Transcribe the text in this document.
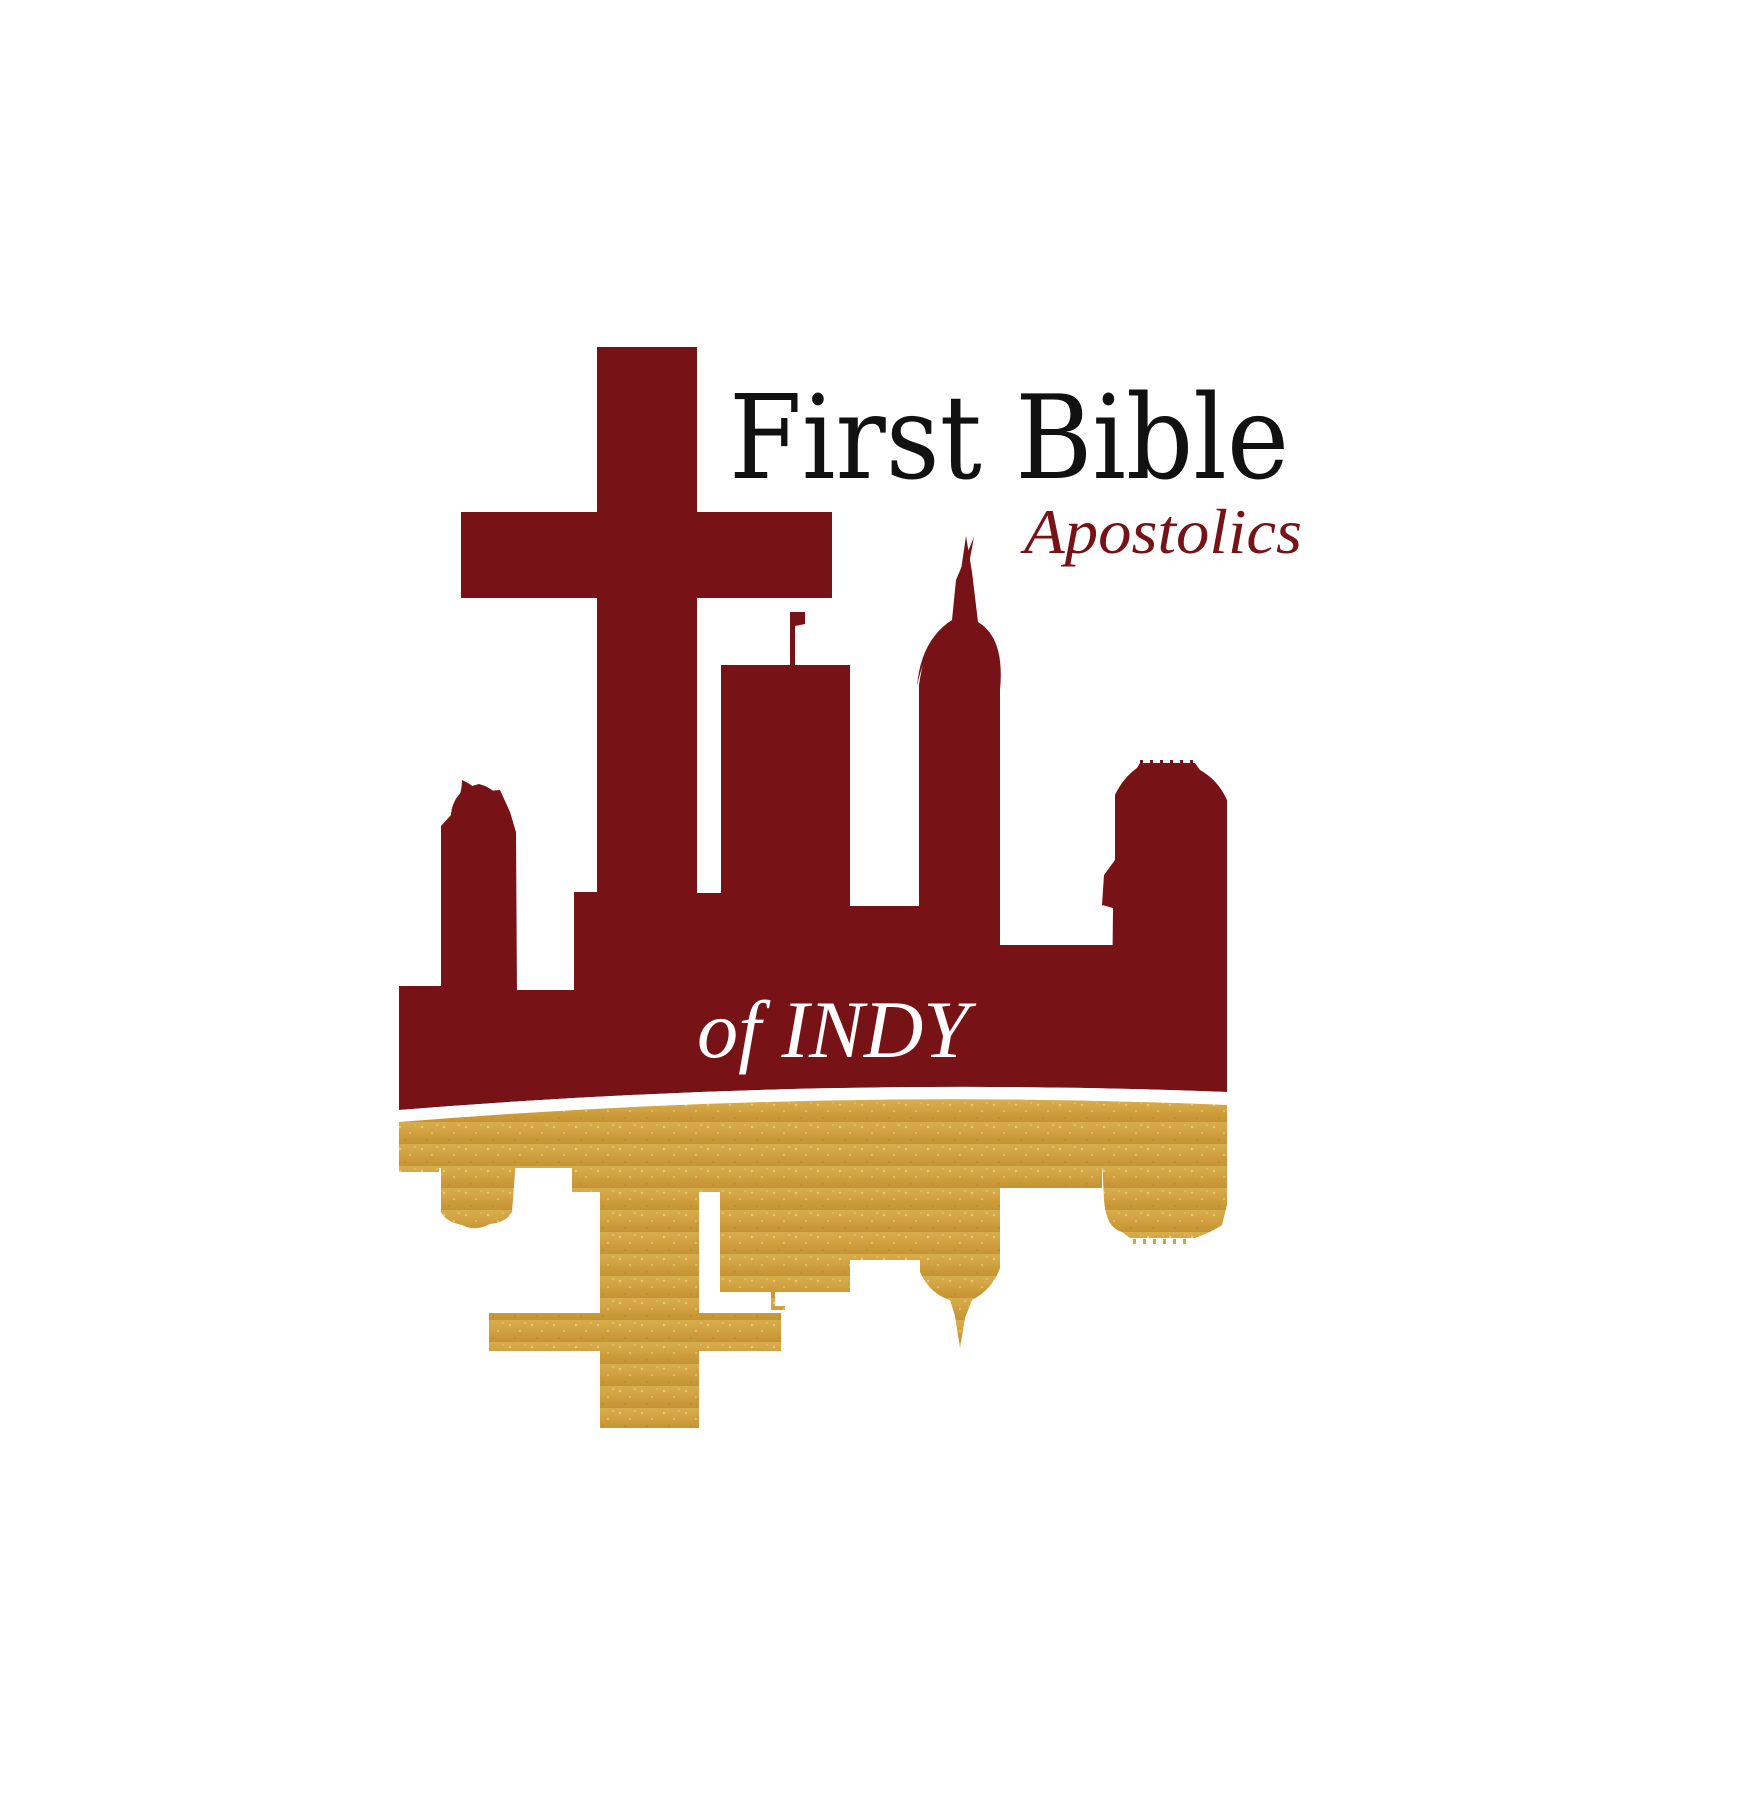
First Bible
Apostolics
of INDY
